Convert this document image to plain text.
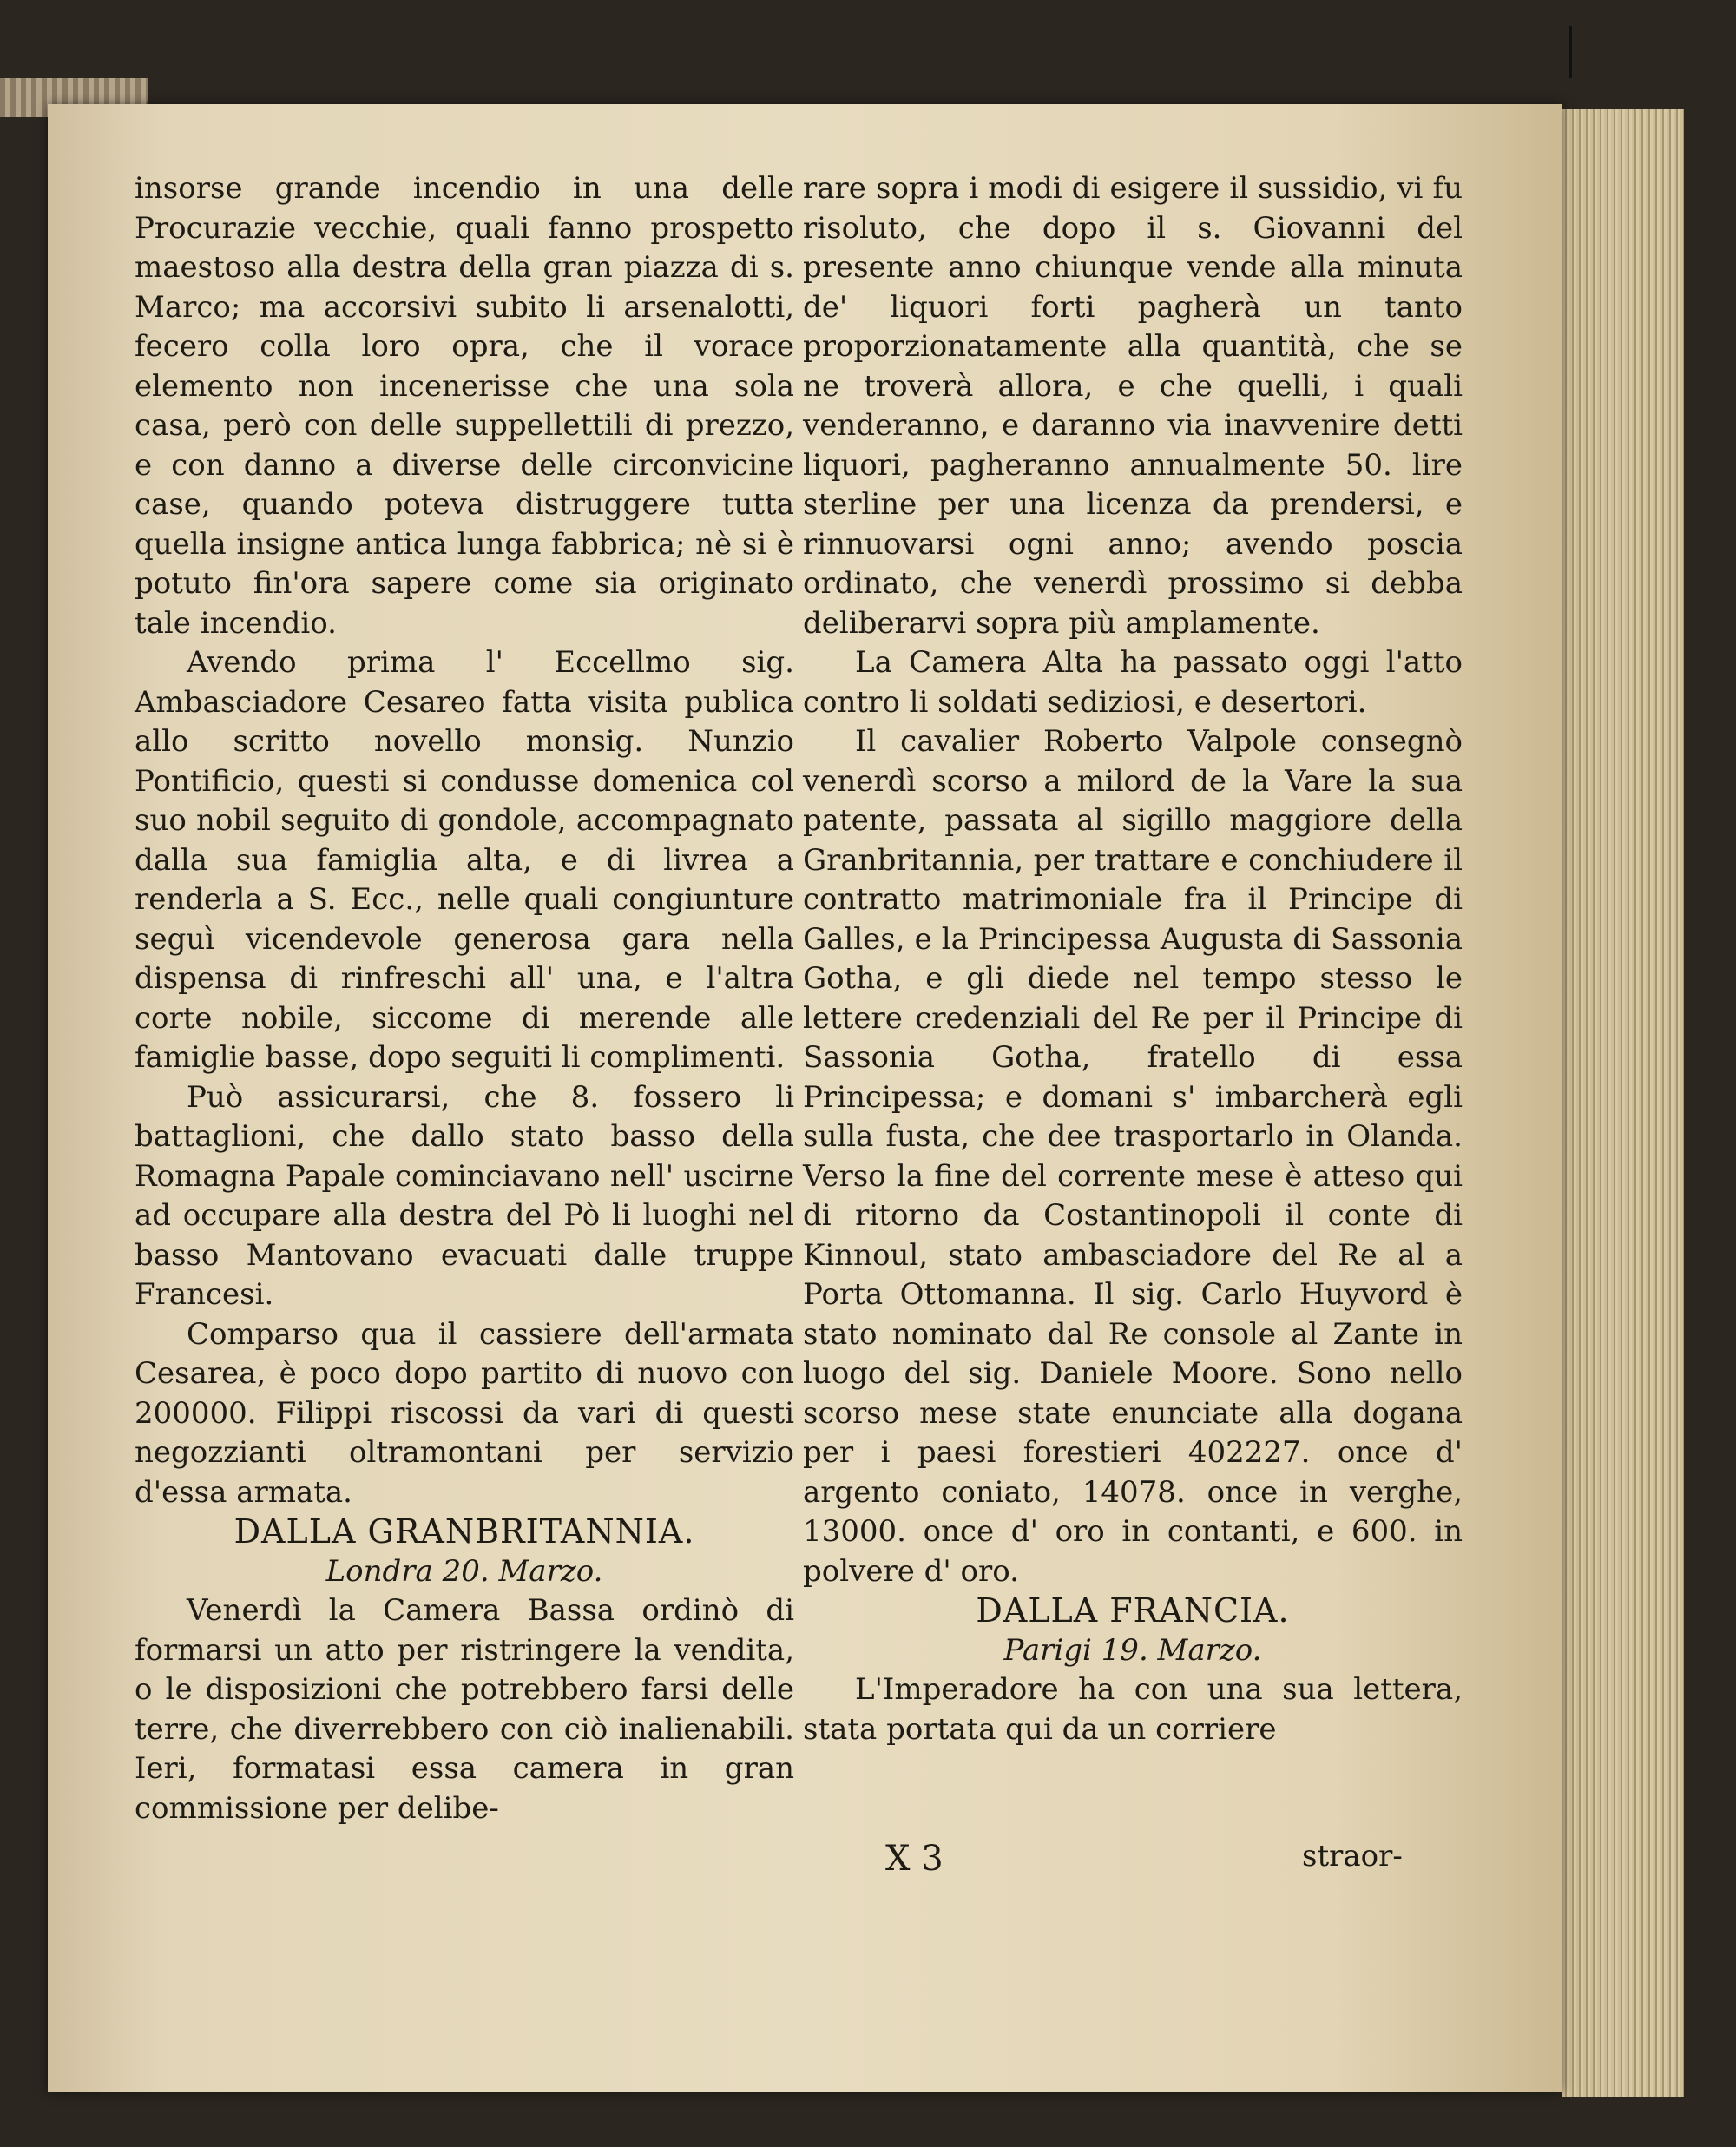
insorse grande incendio in una delle Procurazie vecchie, quali fanno prospetto maestoso alla destra della gran piazza di s. Marco; ma accorsivi subito li arsenalotti, fecero colla loro opra, che il vorace elemento non incenerisse che una sola casa, però con delle suppellettili di prezzo, e con danno a diverse delle circonvicine case, quando poteva distruggere tutta quella insigne antica lunga fabbrica; nè si è potuto fin'ora sapere come sia originato tale incendio.

Avendo prima l' Eccellmo sig. Ambasciadore Cesareo fatta visita publica allo scritto novello monsig. Nunzio Pontificio, questi si condusse domenica col suo nobil seguito di gondole, accompagnato dalla sua famiglia alta, e di livrea a renderla a S. Ecc., nelle quali congiunture seguì vicendevole generosa gara nella dispensa di rinfreschi all' una, e l'altra corte nobile, siccome di merende alle famiglie basse, dopo seguiti li complimenti.

Può assicurarsi, che 8. fossero li battaglioni, che dallo stato basso della Romagna Papale cominciavano nell' uscirne ad occupare alla destra del Pò li luoghi nel basso Mantovano evacuati dalle truppe Francesi.

Comparso qua il cassiere dell'armata Cesarea, è poco dopo partito di nuovo con 200000. Filippi riscossi da vari di questi negozzianti oltramontani per servizio d'essa armata.

DALLA GRANBRITANNIA.

Londra 20. Marzo.

Venerdì la Camera Bassa ordinò di formarsi un atto per ristringere la vendita, o le disposizioni che potrebbero farsi delle terre, che diverrebbero con ciò inalienabili. Ieri, formatasi essa camera in gran commissione per delibe-

rare sopra i modi di esigere il sussidio, vi fu risoluto, che dopo il s. Giovanni del presente anno chiunque vende alla minuta de' liquori forti pagherà un tanto proporzionatamente alla quantità, che se ne troverà allora, e che quelli, i quali venderanno, e daranno via inavvenire detti liquori, pagheranno annualmente 50. lire sterline per una licenza da prendersi, e rinnuovarsi ogni anno; avendo poscia ordinato, che venerdì prossimo si debba deliberarvi sopra più amplamente.

La Camera Alta ha passato oggi l'atto contro li soldati sediziosi, e desertori.

Il cavalier Roberto Valpole consegnò venerdì scorso a milord de la Vare la sua patente, passata al sigillo maggiore della Granbritannia, per trattare e conchiudere il contratto matrimoniale fra il Principe di Galles, e la Principessa Augusta di Sassonia Gotha, e gli diede nel tempo stesso le lettere credenziali del Re per il Principe di Sassonia Gotha, fratello di essa Principessa; e domani s' imbarcherà egli sulla fusta, che dee trasportarlo in Olanda. Verso la fine del corrente mese è atteso qui di ritorno da Costantinopoli il conte di Kinnoul, stato ambasciadore del Re al a Porta Ottomanna. Il sig. Carlo Huyvord è stato nominato dal Re console al Zante in luogo del sig. Daniele Moore. Sono nello scorso mese state enunciate alla dogana per i paesi forestieri 402227. once d' argento coniato, 14078. once in verghe, 13000. once d' oro in contanti, e 600. in polvere d' oro.

DALLA FRANCIA.

Parigi 19. Marzo.

L'Imperadore ha con una sua lettera, stata portata qui da un corriere

X 3	straor-
